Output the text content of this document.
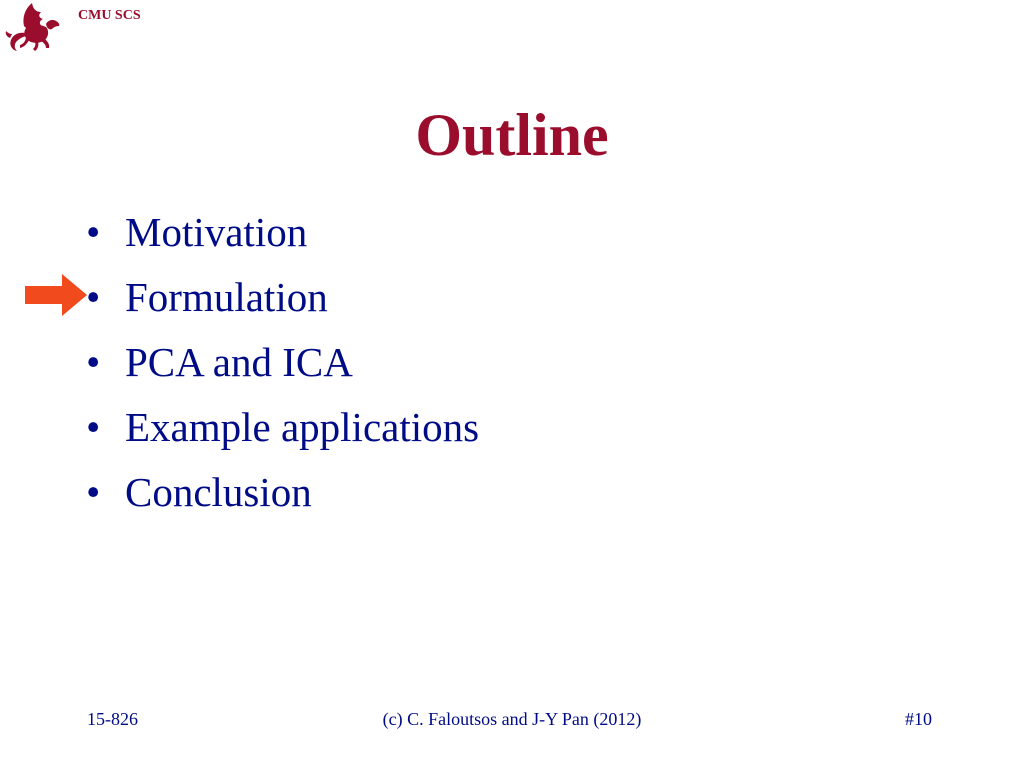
CMU SCS
Outline
• Motivation
• Formulation
• PCA and ICA
• Example applications
• Conclusion
15-826	(c) C. Faloutsos and J-Y Pan (2012)	#10
